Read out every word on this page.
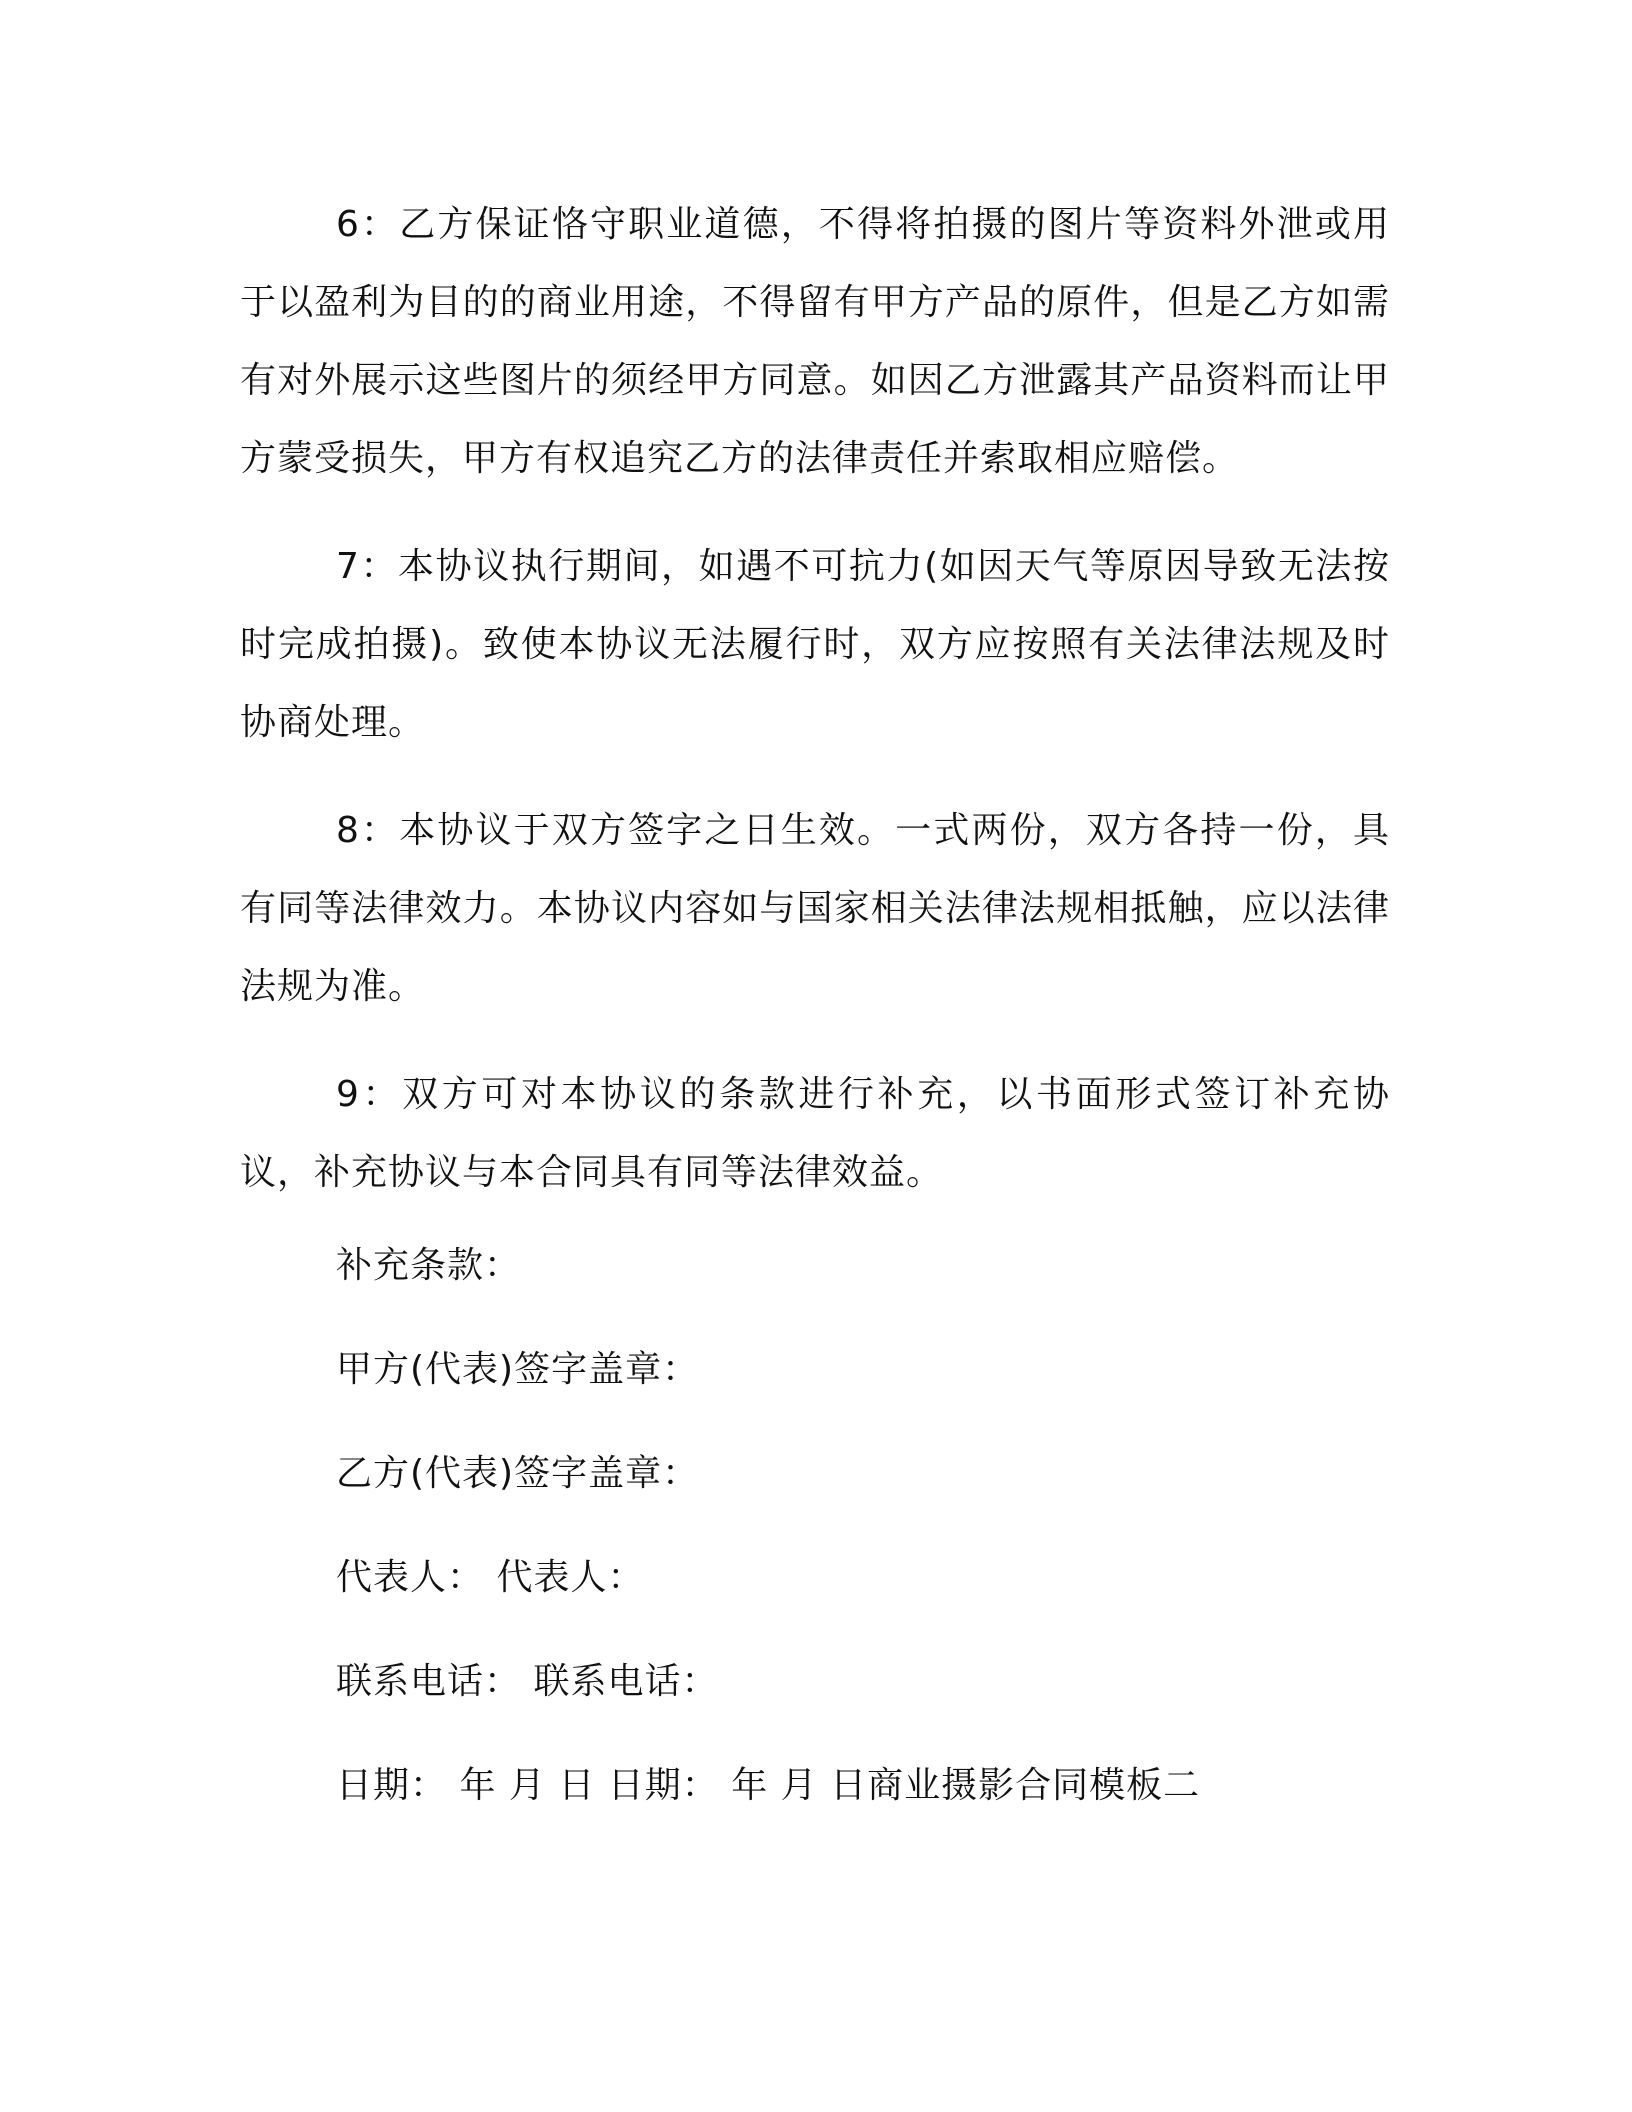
6：乙方保证恪守职业道德，不得将拍摄的图片等资料外泄或用于以盈利为目的的商业用途，不得留有甲方产品的原件，但是乙方如需有对外展示这些图片的须经甲方同意。如因乙方泄露其产品资料而让甲方蒙受损失，甲方有权追究乙方的法律责任并索取相应赔偿。

7：本协议执行期间，如遇不可抗力(如因天气等原因导致无法按时完成拍摄)。致使本协议无法履行时，双方应按照有关法律法规及时协商处理。

8：本协议于双方签字之日生效。一式两份，双方各持一份，具有同等法律效力。本协议内容如与国家相关法律法规相抵触，应以法律法规为准。

9：双方可对本协议的条款进行补充，以书面形式签订补充协议，补充协议与本合同具有同等法律效益。

补充条款：

甲方(代表)签字盖章：

乙方(代表)签字盖章：

代表人： 代表人：

联系电话： 联系电话：

日期： 年 月 日 日期： 年 月 日商业摄影合同模板二
